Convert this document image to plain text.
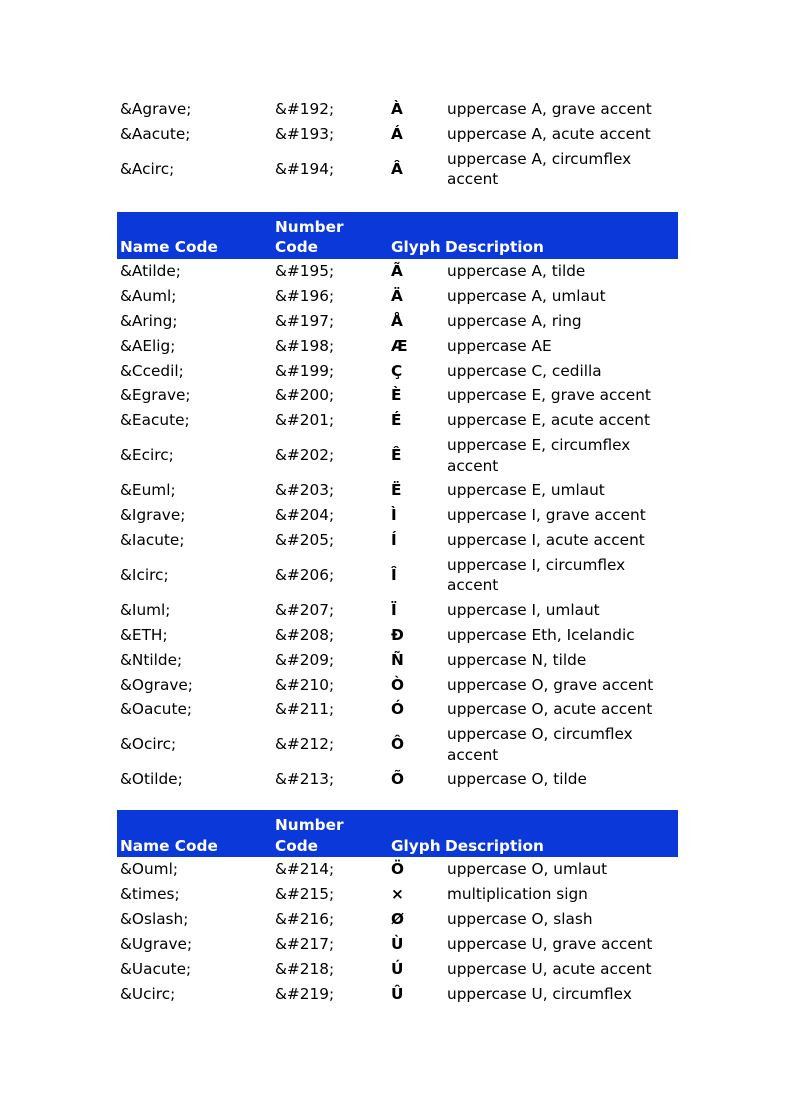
&Agrave;	&#192;	À	uppercase A, grave accent
&Aacute;	&#193;	Á	uppercase A, acute accent
&Acirc;	&#194;	Â	uppercase A, circumflex accent
Name Code	Number Code	Glyph	Description
&Atilde;	&#195;	Ã	uppercase A, tilde
&Auml;	&#196;	Ä	uppercase A, umlaut
&Aring;	&#197;	Å	uppercase A, ring
&AElig;	&#198;	Æ	uppercase AE
&Ccedil;	&#199;	Ç	uppercase C, cedilla
&Egrave;	&#200;	È	uppercase E, grave accent
&Eacute;	&#201;	É	uppercase E, acute accent
&Ecirc;	&#202;	Ê	uppercase E, circumflex accent
&Euml;	&#203;	Ë	uppercase E, umlaut
&Igrave;	&#204;	Ì	uppercase I, grave accent
&Iacute;	&#205;	Í	uppercase I, acute accent
&Icirc;	&#206;	Î	uppercase I, circumflex accent
&Iuml;	&#207;	Ï	uppercase I, umlaut
&ETH;	&#208;	Ð	uppercase Eth, Icelandic
&Ntilde;	&#209;	Ñ	uppercase N, tilde
&Ograve;	&#210;	Ò	uppercase O, grave accent
&Oacute;	&#211;	Ó	uppercase O, acute accent
&Ocirc;	&#212;	Ô	uppercase O, circumflex accent
&Otilde;	&#213;	Õ	uppercase O, tilde
Name Code	Number Code	Glyph	Description
&Ouml;	&#214;	Ö	uppercase O, umlaut
&times;	&#215;	×	multiplication sign
&Oslash;	&#216;	Ø	uppercase O, slash
&Ugrave;	&#217;	Ù	uppercase U, grave accent
&Uacute;	&#218;	Ú	uppercase U, acute accent
&Ucirc;	&#219;	Û	uppercase U, circumflex
